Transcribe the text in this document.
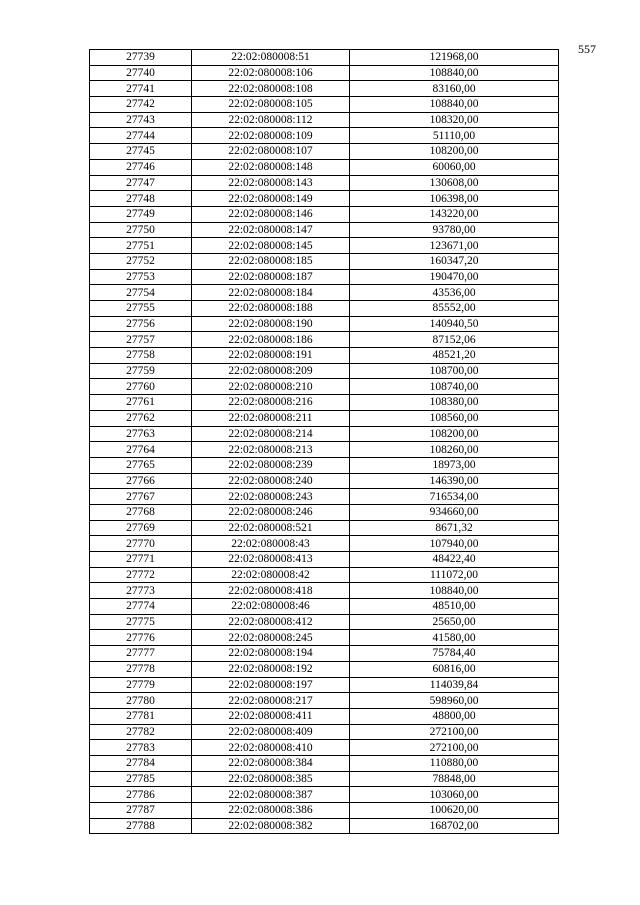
557
27739	22:02:080008:51	121968,00
27740	22:02:080008:106	108840,00
27741	22:02:080008:108	83160,00
27742	22:02:080008:105	108840,00
27743	22:02:080008:112	108320,00
27744	22:02:080008:109	51110,00
27745	22:02:080008:107	108200,00
27746	22:02:080008:148	60060,00
27747	22:02:080008:143	130608,00
27748	22:02:080008:149	106398,00
27749	22:02:080008:146	143220,00
27750	22:02:080008:147	93780,00
27751	22:02:080008:145	123671,00
27752	22:02:080008:185	160347,20
27753	22:02:080008:187	190470,00
27754	22:02:080008:184	43536,00
27755	22:02:080008:188	85552,00
27756	22:02:080008:190	140940,50
27757	22:02:080008:186	87152,06
27758	22:02:080008:191	48521,20
27759	22:02:080008:209	108700,00
27760	22:02:080008:210	108740,00
27761	22:02:080008:216	108380,00
27762	22:02:080008:211	108560,00
27763	22:02:080008:214	108200,00
27764	22:02:080008:213	108260,00
27765	22:02:080008:239	18973,00
27766	22:02:080008:240	146390,00
27767	22:02:080008:243	716534,00
27768	22:02:080008:246	934660,00
27769	22:02:080008:521	8671,32
27770	22:02:080008:43	107940,00
27771	22:02:080008:413	48422,40
27772	22:02:080008:42	111072,00
27773	22:02:080008:418	108840,00
27774	22:02:080008:46	48510,00
27775	22:02:080008:412	25650,00
27776	22:02:080008:245	41580,00
27777	22:02:080008:194	75784,40
27778	22:02:080008:192	60816,00
27779	22:02:080008:197	114039,84
27780	22:02:080008:217	598960,00
27781	22:02:080008:411	48800,00
27782	22:02:080008:409	272100,00
27783	22:02:080008:410	272100,00
27784	22:02:080008:384	110880,00
27785	22:02:080008:385	78848,00
27786	22:02:080008:387	103060,00
27787	22:02:080008:386	100620,00
27788	22:02:080008:382	168702,00
